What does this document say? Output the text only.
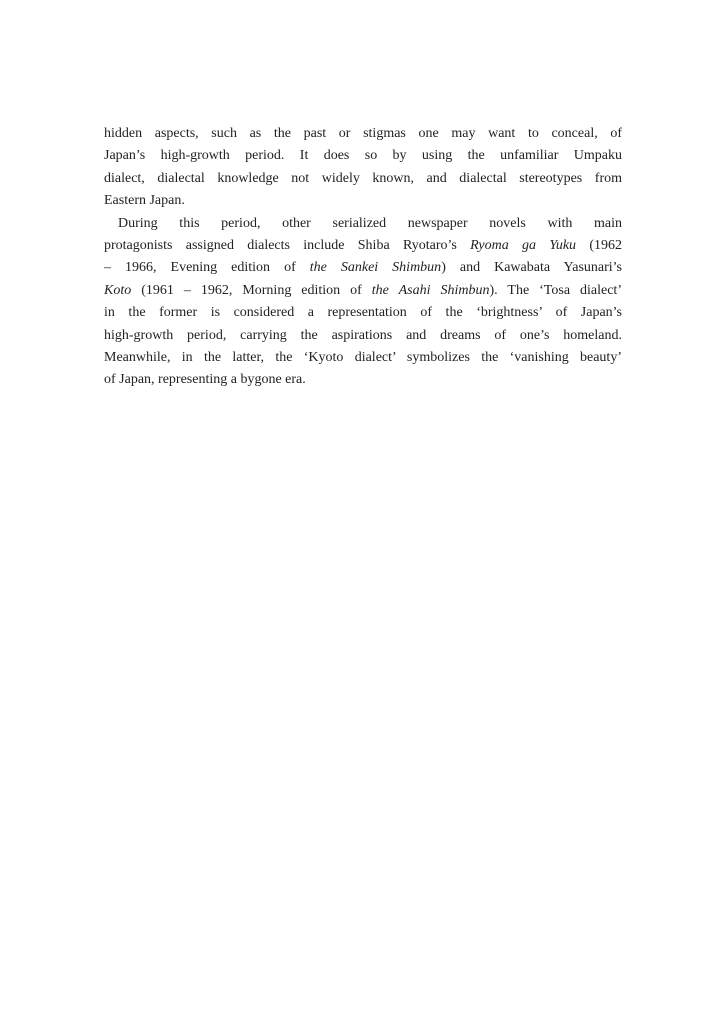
hidden aspects, such as the past or stigmas one may want to conceal, of
Japan’s high-growth period. It does so by using the unfamiliar Umpaku
dialect, dialectal knowledge not widely known, and dialectal stereotypes from
Eastern Japan.
During this period, other serialized newspaper novels with main
protagonists assigned dialects include Shiba Ryotaro’s Ryoma ga Yuku (1962
– 1966, Evening edition of the Sankei Shimbun) and Kawabata Yasunari’s
Koto (1961 – 1962, Morning edition of the Asahi Shimbun). The ‘Tosa dialect’
in the former is considered a representation of the ‘brightness’ of Japan’s
high-growth period, carrying the aspirations and dreams of one’s homeland.
Meanwhile, in the latter, the ‘Kyoto dialect’ symbolizes the ‘vanishing beauty’
of Japan, representing a bygone era.
